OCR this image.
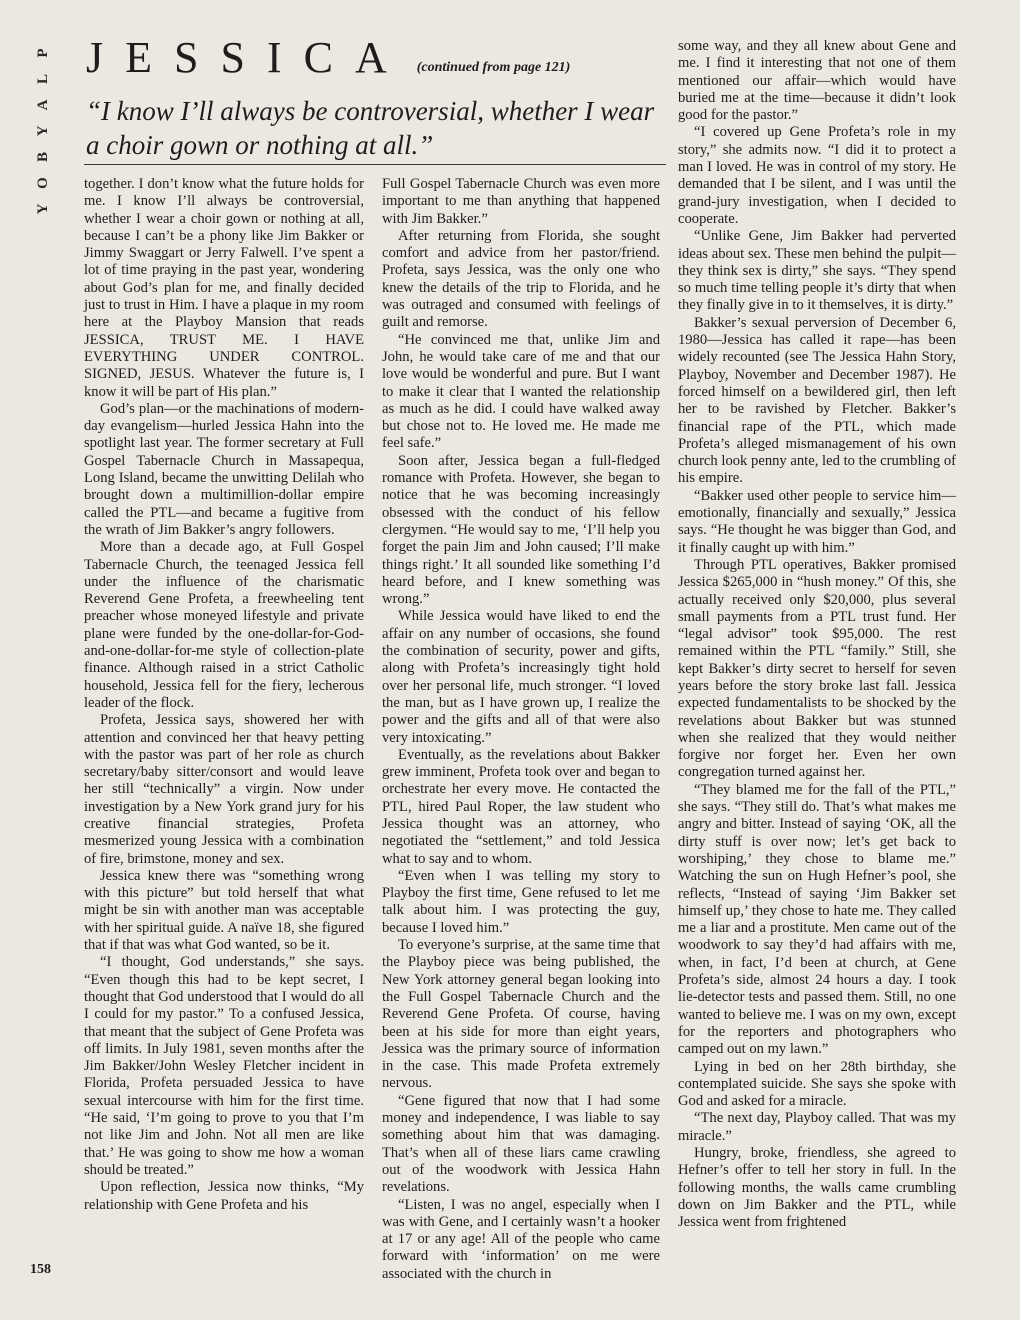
P
L
A
Y
B
O
Y
JESSICA (continued from page 121)
“I know I’ll always be controversial, whether I wear a choir gown or nothing at all.”

together. I don’t know what the future holds for me. I know I’ll always be controversial, whether I wear a choir gown or nothing at all, because I can’t be a phony like Jim Bakker or Jimmy Swaggart or Jerry Falwell. I’ve spent a lot of time praying in the past year, wondering about God’s plan for me, and finally decided just to trust in Him. I have a plaque in my room here at the Playboy Mansion that reads JESSICA, TRUST ME. I HAVE EVERYTHING UNDER CONTROL. SIGNED, JESUS. Whatever the future is, I know it will be part of His plan.”

God’s plan—or the machinations of modern-day evangelism—hurled Jessica Hahn into the spotlight last year. The former secretary at Full Gospel Tabernacle Church in Massapequa, Long Island, became the unwitting Delilah who brought down a multimillion-dollar empire called the PTL—and became a fugitive from the wrath of Jim Bakker’s angry followers.

More than a decade ago, at Full Gospel Tabernacle Church, the teenaged Jessica fell under the influence of the charismatic Reverend Gene Profeta, a freewheeling tent preacher whose moneyed lifestyle and private plane were funded by the one-dollar-for-God-and-one-dollar-for-me style of collection-plate finance. Although raised in a strict Catholic household, Jessica fell for the fiery, lecherous leader of the flock.

Profeta, Jessica says, showered her with attention and convinced her that heavy petting with the pastor was part of her role as church secretary/baby sitter/consort and would leave her still “technically” a virgin. Now under investigation by a New York grand jury for his creative financial strategies, Profeta mesmerized young Jessica with a combination of fire, brimstone, money and sex.

Jessica knew there was “something wrong with this picture” but told herself that what might be sin with another man was acceptable with her spiritual guide. A naïve 18, she figured that if that was what God wanted, so be it.

“I thought, God understands,” she says. “Even though this had to be kept secret, I thought that God understood that I would do all I could for my pastor.” To a confused Jessica, that meant that the subject of Gene Profeta was off limits. In July 1981, seven months after the Jim Bakker/John Wesley Fletcher incident in Florida, Profeta persuaded Jessica to have sexual intercourse with him for the first time. “He said, ‘I’m going to prove to you that I’m not like Jim and John. Not all men are like that.’ He was going to show me how a woman should be treated.”

Upon reflection, Jessica now thinks, “My relationship with Gene Profeta and his

Full Gospel Tabernacle Church was even more important to me than anything that happened with Jim Bakker.”

After returning from Florida, she sought comfort and advice from her pastor/friend. Profeta, says Jessica, was the only one who knew the details of the trip to Florida, and he was outraged and consumed with feelings of guilt and remorse.

“He convinced me that, unlike Jim and John, he would take care of me and that our love would be wonderful and pure. But I want to make it clear that I wanted the relationship as much as he did. I could have walked away but chose not to. He loved me. He made me feel safe.”

Soon after, Jessica began a full-fledged romance with Profeta. However, she began to notice that he was becoming increasingly obsessed with the conduct of his fellow clergymen. “He would say to me, ‘I’ll help you forget the pain Jim and John caused; I’ll make things right.’ It all sounded like something I’d heard before, and I knew something was wrong.”

While Jessica would have liked to end the affair on any number of occasions, she found the combination of security, power and gifts, along with Profeta’s increasingly tight hold over her personal life, much stronger. “I loved the man, but as I have grown up, I realize the power and the gifts and all of that were also very intoxicating.”

Eventually, as the revelations about Bakker grew imminent, Profeta took over and began to orchestrate her every move. He contacted the PTL, hired Paul Roper, the law student who Jessica thought was an attorney, who negotiated the “settlement,” and told Jessica what to say and to whom.

“Even when I was telling my story to Playboy the first time, Gene refused to let me talk about him. I was protecting the guy, because I loved him.”

To everyone’s surprise, at the same time that the Playboy piece was being published, the New York attorney general began looking into the Full Gospel Tabernacle Church and the Reverend Gene Profeta. Of course, having been at his side for more than eight years, Jessica was the primary source of information in the case. This made Profeta extremely nervous.

“Gene figured that now that I had some money and independence, I was liable to say something about him that was damaging. That’s when all of these liars came crawling out of the woodwork with Jessica Hahn revelations.

“Listen, I was no angel, especially when I was with Gene, and I certainly wasn’t a hooker at 17 or any age! All of the people who came forward with ‘information’ on me were associated with the church in

some way, and they all knew about Gene and me. I find it interesting that not one of them mentioned our affair—which would have buried me at the time—because it didn’t look good for the pastor.”

“I covered up Gene Profeta’s role in my story,” she admits now. “I did it to protect a man I loved. He was in control of my story. He demanded that I be silent, and I was until the grand-jury investigation, when I decided to cooperate.

“Unlike Gene, Jim Bakker had perverted ideas about sex. These men behind the pulpit—they think sex is dirty,” she says. “They spend so much time telling people it’s dirty that when they finally give in to it themselves, it is dirty.”

Bakker’s sexual perversion of December 6, 1980—Jessica has called it rape—has been widely recounted (see The Jessica Hahn Story, Playboy, November and December 1987). He forced himself on a bewildered girl, then left her to be ravished by Fletcher. Bakker’s financial rape of the PTL, which made Profeta’s alleged mismanagement of his own church look penny ante, led to the crumbling of his empire.

“Bakker used other people to service him—emotionally, financially and sexually,” Jessica says. “He thought he was bigger than God, and it finally caught up with him.”

Through PTL operatives, Bakker promised Jessica $265,000 in “hush money.” Of this, she actually received only $20,000, plus several small payments from a PTL trust fund. Her “legal advisor” took $95,000. The rest remained within the PTL “family.” Still, she kept Bakker’s dirty secret to herself for seven years before the story broke last fall. Jessica expected fundamentalists to be shocked by the revelations about Bakker but was stunned when she realized that they would neither forgive nor forget her. Even her own congregation turned against her.

“They blamed me for the fall of the PTL,” she says. “They still do. That’s what makes me angry and bitter. Instead of saying ‘OK, all the dirty stuff is over now; let’s get back to worshiping,’ they chose to blame me.” Watching the sun on Hugh Hefner’s pool, she reflects, “Instead of saying ‘Jim Bakker set himself up,’ they chose to hate me. They called me a liar and a prostitute. Men came out of the woodwork to say they’d had affairs with me, when, in fact, I’d been at church, at Gene Profeta’s side, almost 24 hours a day. I took lie-detector tests and passed them. Still, no one wanted to believe me. I was on my own, except for the reporters and photographers who camped out on my lawn.”

Lying in bed on her 28th birthday, she contemplated suicide. She says she spoke with God and asked for a miracle.

“The next day, Playboy called. That was my miracle.”

Hungry, broke, friendless, she agreed to Hefner’s offer to tell her story in full. In the following months, the walls came crumbling down on Jim Bakker and the PTL, while Jessica went from frightened

158
